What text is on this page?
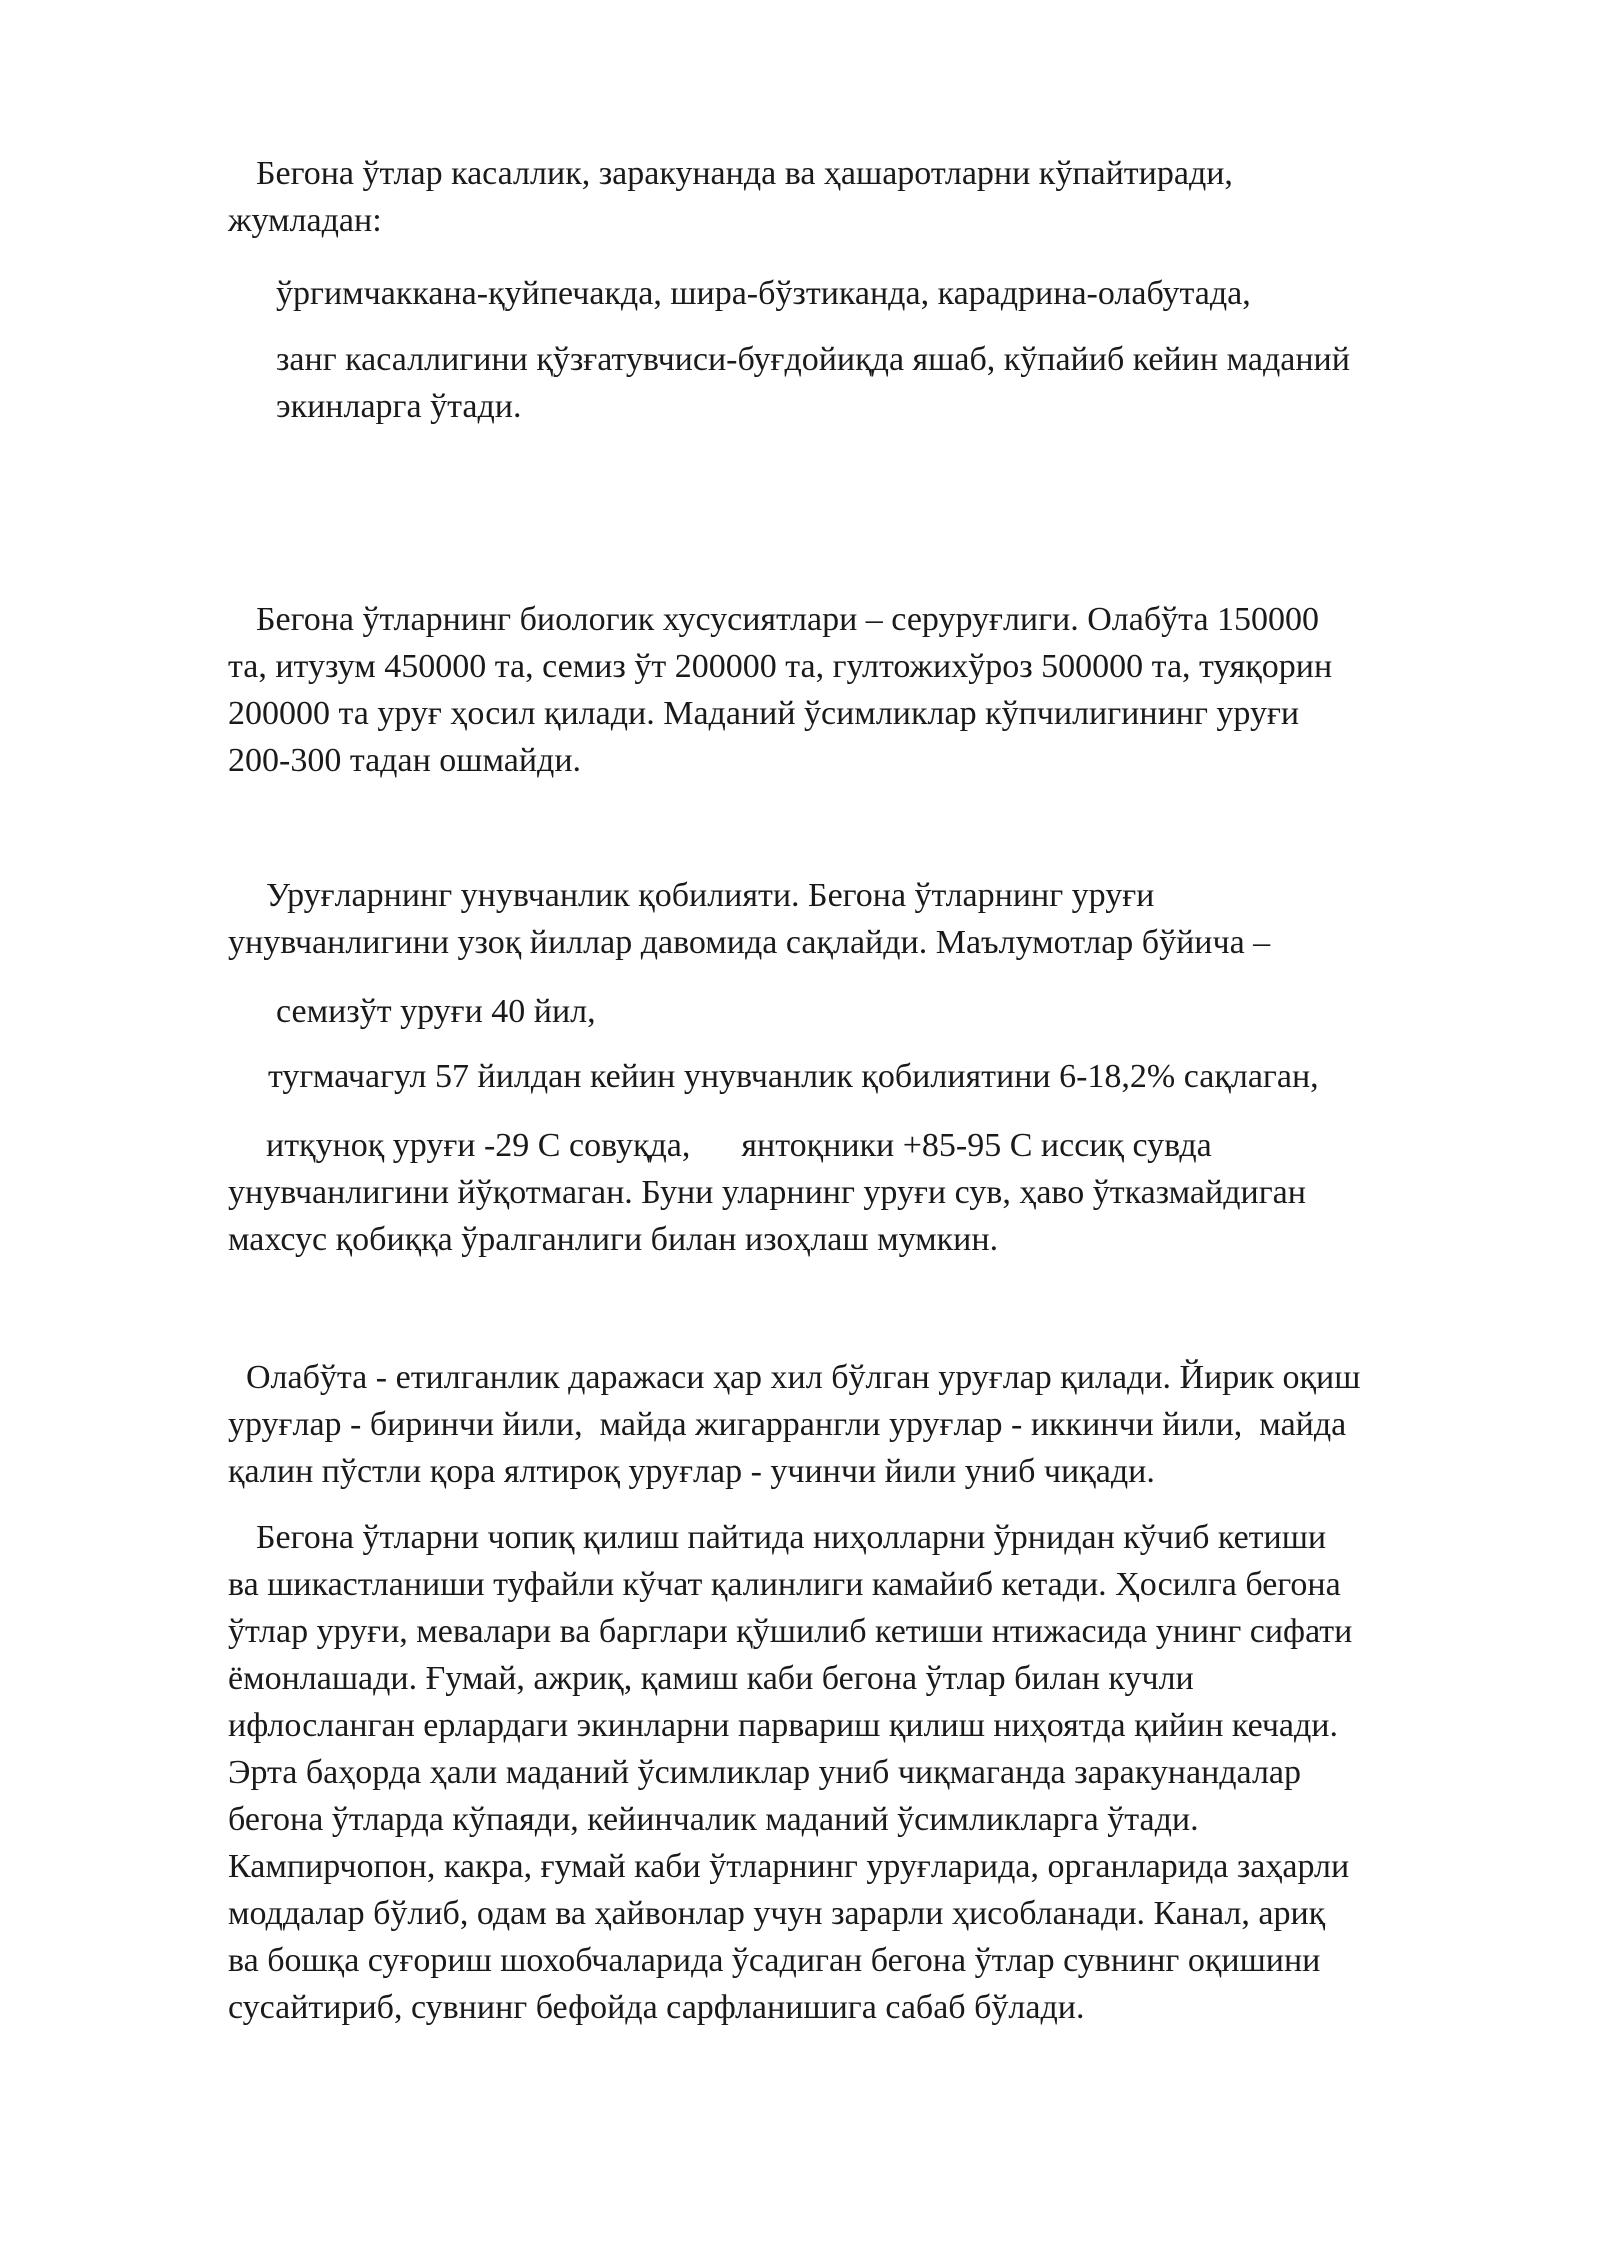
Бегона ўтлар касаллик, заракунанда ва ҳашаротларни кўпайтиради,
жумладан:
ўргимчаккана-қуйпечакда, шира-бўзтиканда, карадрина-олабутада,
занг касаллигини қўзғатувчиси-буғдойиқда яшаб, кўпайиб кейин маданий
экинларга ўтади.
Бегона ўтларнинг биологик хусусиятлари – серуруғлиги. Олабўта 150000
та, итузум 450000 та, семиз ўт 200000 та, гултожихўроз 500000 та, туяқорин
200000 та уруғ ҳосил қилади. Маданий ўсимликлар кўпчилигининг уруғи
200-300 тадан ошмайди.
Уруғларнинг унувчанлик қобилияти. Бегона ўтларнинг уруғи
унувчанлигини узоқ йиллар давомида сақлайди. Маълумотлар бўйича –
семизўт уруғи 40 йил,
тугмачагул 57 йилдан кейин унувчанлик қобилиятини 6-18,2% сақлаган,
итқуноқ уруғи -29 С совуқда,      янтоқники +85-95 С иссиқ сувда
унувчанлигини йўқотмаган. Буни уларнинг уруғи сув, ҳаво ўтказмайдиган
махсус қобиққа ўралганлиги билан изоҳлаш мумкин.
Олабўта - етилганлик даражаси ҳар хил бўлган уруғлар қилади. Йирик оқиш
уруғлар - биринчи йили,  майда жигаррангли уруғлар - иккинчи йили,  майда
қалин пўстли қора ялтироқ уруғлар - учинчи йили униб чиқади.
Бегона ўтларни чопиқ қилиш пайтида ниҳолларни ўрнидан кўчиб кетиши
ва шикастланиши туфайли кўчат қалинлиги камайиб кетади. Ҳосилга бегона
ўтлар уруғи, мевалари ва барглари қўшилиб кетиши нтижасида унинг сифати
ёмонлашади. Ғумай, ажриқ, қамиш каби бегона ўтлар билан кучли
ифлосланган ерлардаги экинларни парвариш қилиш ниҳоятда қийин кечади.
Эрта баҳорда ҳали маданий ўсимликлар униб чиқмаганда заракунандалар
бегона ўтларда кўпаяди, кейинчалик маданий ўсимликларга ўтади.
Кампирчопон, какра, ғумай каби ўтларнинг уруғларида, органларида заҳарли
моддалар бўлиб, одам ва ҳайвонлар учун зарарли ҳисобланади. Канал, ариқ
ва бошқа суғориш шохобчаларида ўсадиган бегона ўтлар сувнинг оқишини
сусайтириб, сувнинг бефойда сарфланишига сабаб бўлади.
